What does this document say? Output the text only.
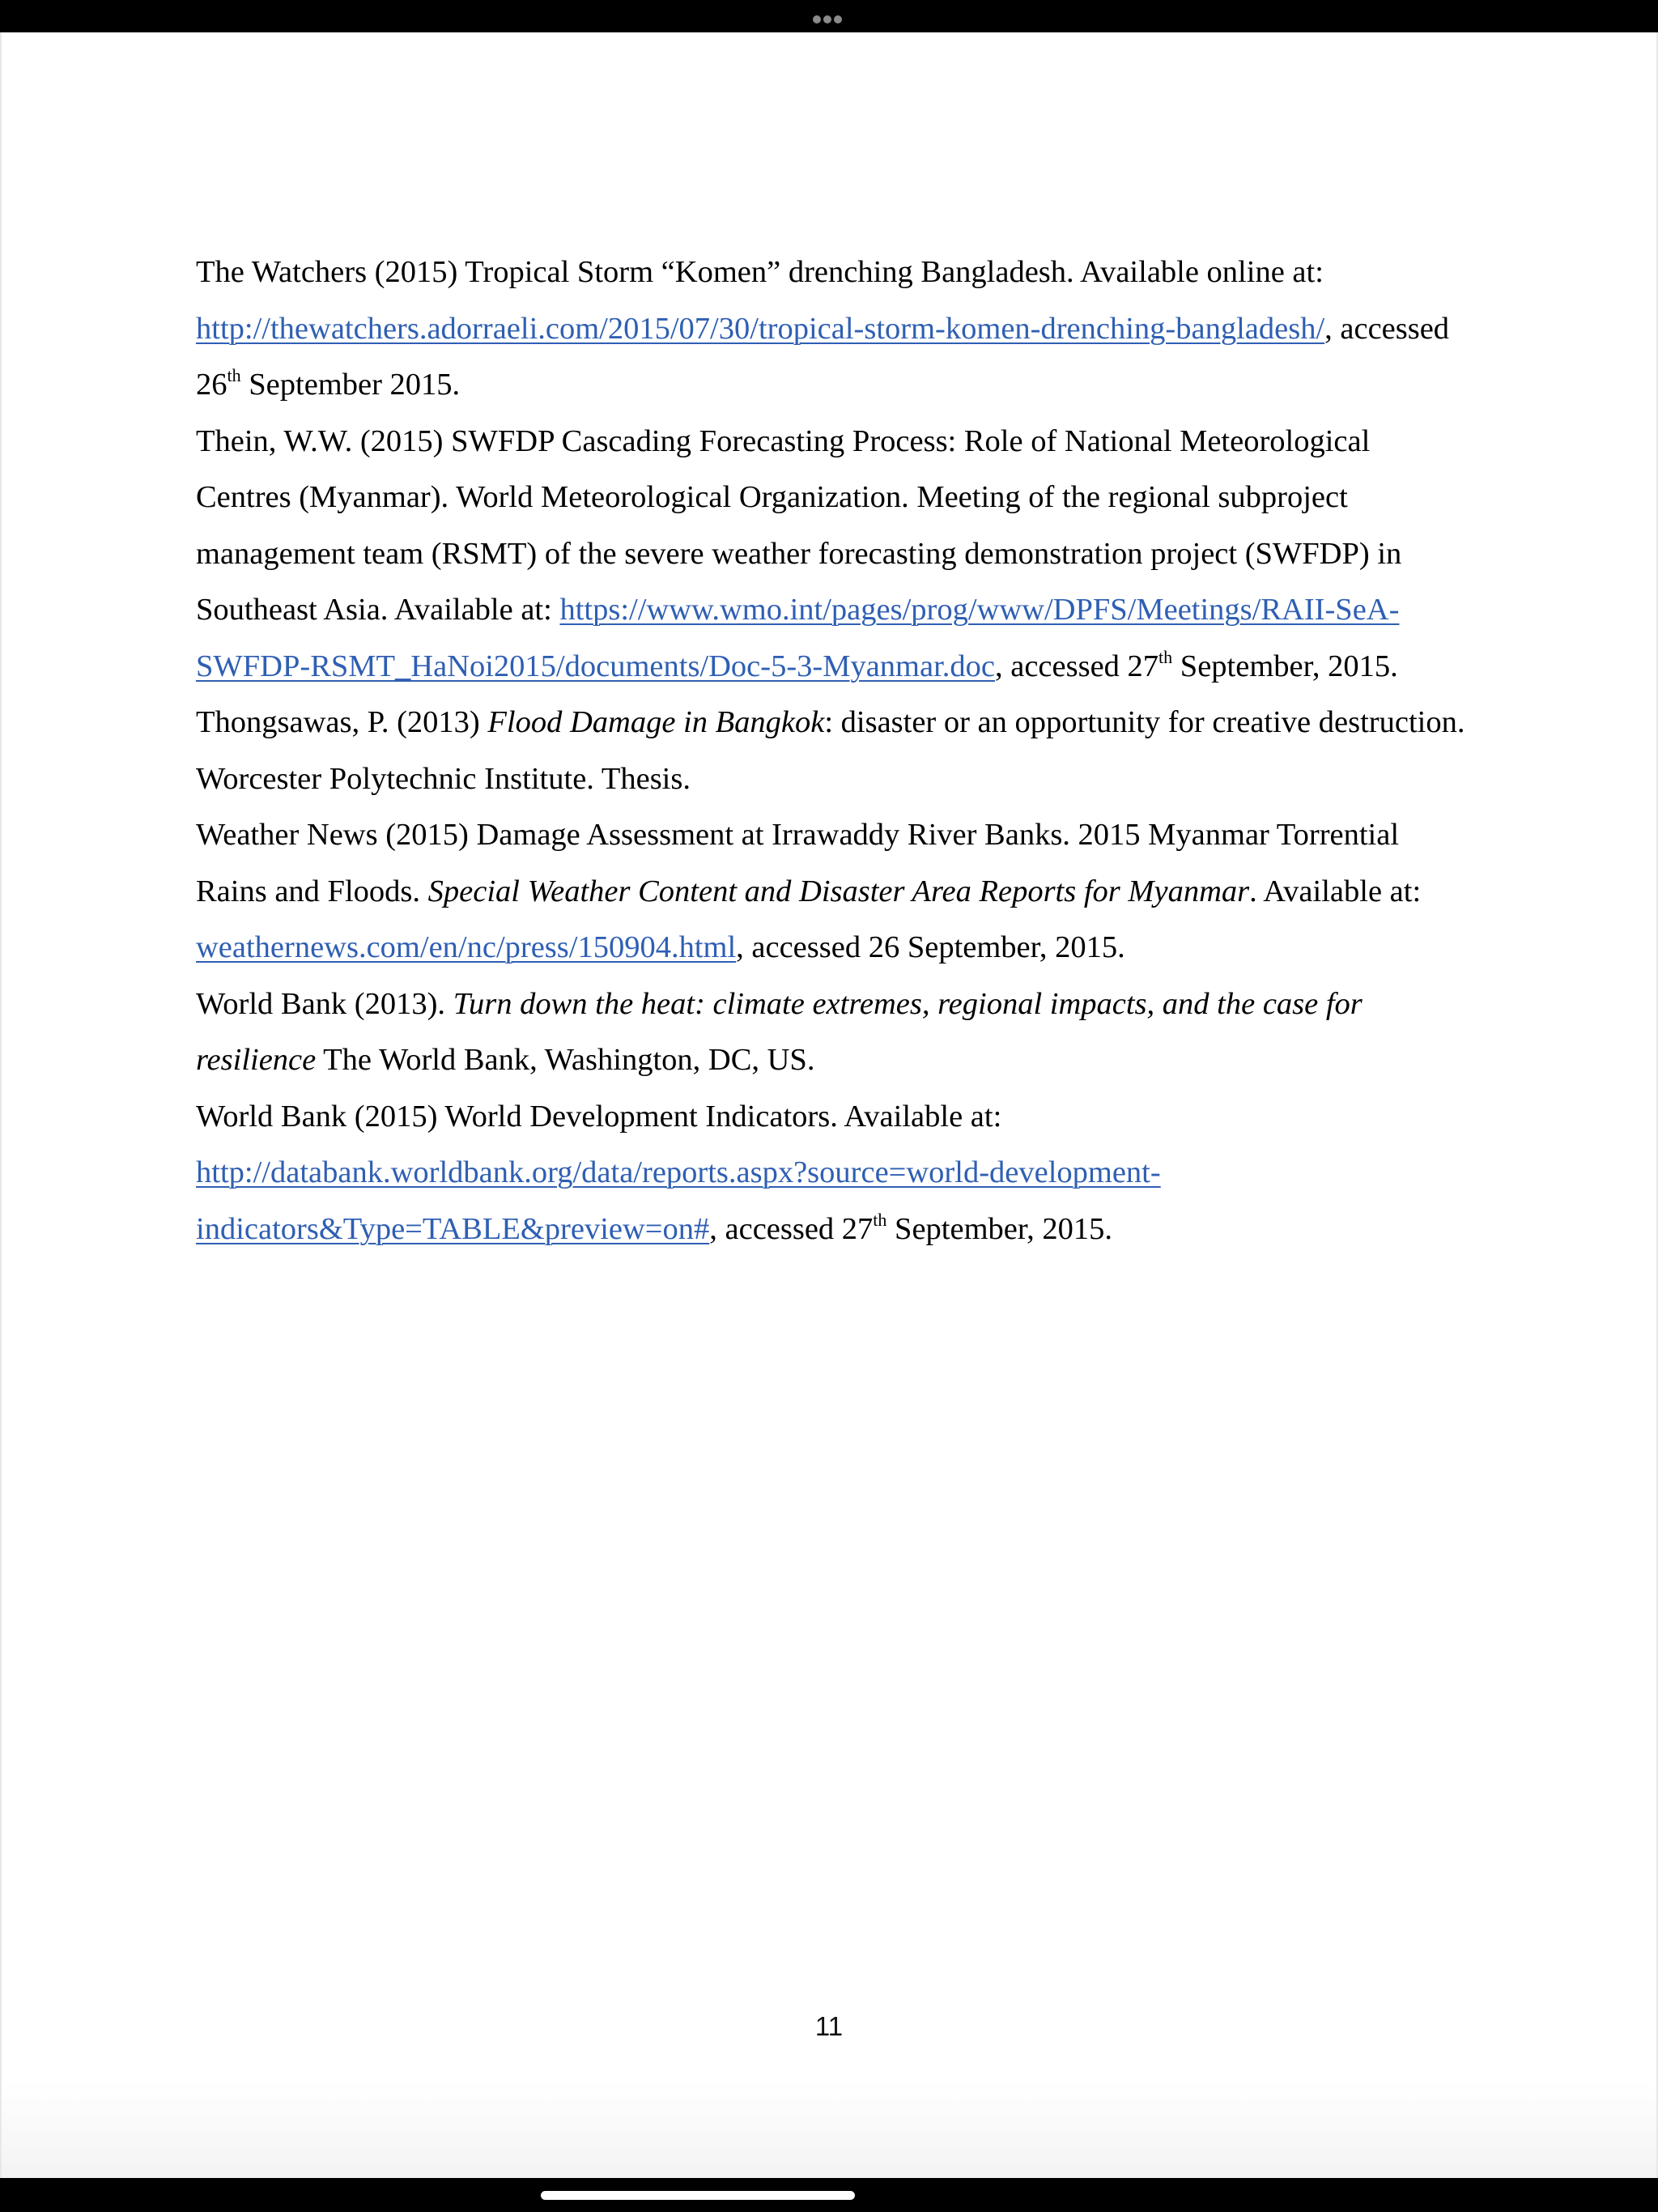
The Watchers (2015) Tropical Storm “Komen” drenching Bangladesh. Available online at: http://thewatchers.adorraeli.com/2015/07/30/tropical-storm-komen-drenching-bangladesh/, accessed 26th September 2015.

Thein, W.W. (2015) SWFDP Cascading Forecasting Process: Role of National Meteorological Centres (Myanmar). World Meteorological Organization. Meeting of the regional subproject management team (RSMT) of the severe weather forecasting demonstration project (SWFDP) in Southeast Asia. Available at: https://www.wmo.int/pages/prog/www/DPFS/Meetings/RAII-SeA-SWFDP-RSMT_HaNoi2015/documents/Doc-5-3-Myanmar.doc, accessed 27th September, 2015.

Thongsawas, P. (2013) Flood Damage in Bangkok: disaster or an opportunity for creative destruction. Worcester Polytechnic Institute. Thesis.

Weather News (2015) Damage Assessment at Irrawaddy River Banks. 2015 Myanmar Torrential Rains and Floods. Special Weather Content and Disaster Area Reports for Myanmar. Available at: weathernews.com/en/nc/press/150904.html, accessed 26 September, 2015.

World Bank (2013). Turn down the heat: climate extremes, regional impacts, and the case for resilience The World Bank, Washington, DC, US.

World Bank (2015) World Development Indicators. Available at: http://databank.worldbank.org/data/reports.aspx?source=world-development-indicators&Type=TABLE&preview=on#, accessed 27th September, 2015.

11
